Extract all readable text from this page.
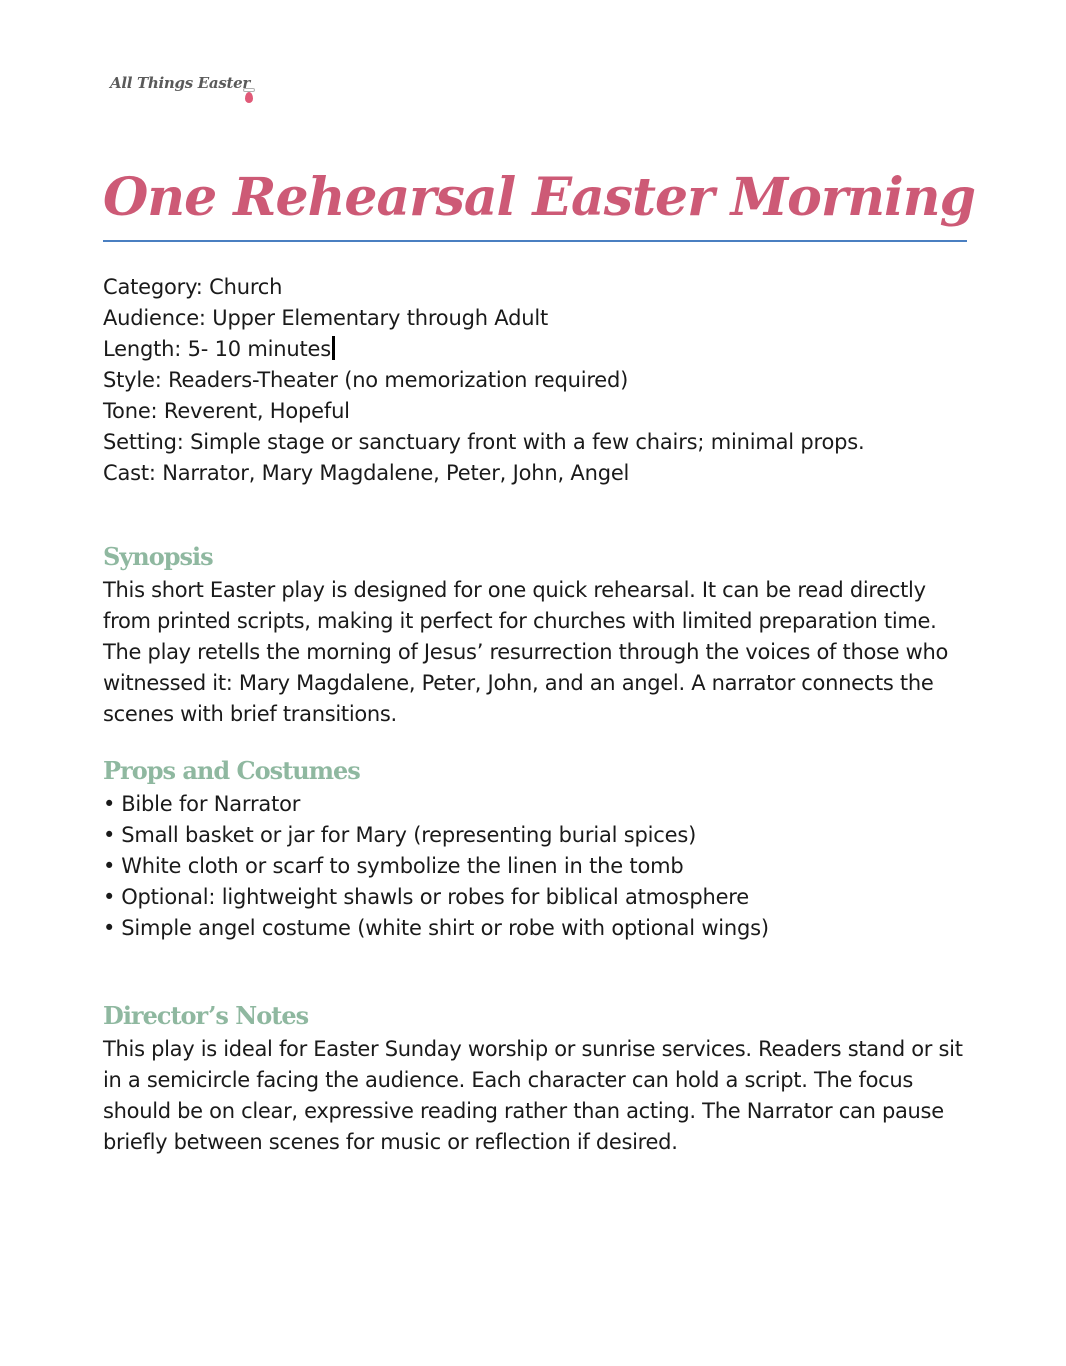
All Things Easter
One Rehearsal Easter Morning
Category: Church
Audience: Upper Elementary through Adult
Length: 5- 10 minutes
Style: Readers-Theater (no memorization required)
Tone: Reverent, Hopeful
Setting: Simple stage or sanctuary front with a few chairs; minimal props.
Cast: Narrator, Mary Magdalene, Peter, John, Angel
Synopsis

This short Easter play is designed for one quick rehearsal. It can be read directly from printed scripts, making it perfect for churches with limited preparation time. The play retells the morning of Jesus’ resurrection through the voices of those who witnessed it: Mary Magdalene, Peter, John, and an angel. A narrator connects the scenes with brief transitions.

Props and Costumes
• Bible for Narrator
• Small basket or jar for Mary (representing burial spices)
• White cloth or scarf to symbolize the linen in the tomb
• Optional: lightweight shawls or robes for biblical atmosphere
• Simple angel costume (white shirt or robe with optional wings)
Director’s Notes

This play is ideal for Easter Sunday worship or sunrise services. Readers stand or sit in a semicircle facing the audience. Each character can hold a script. The focus should be on clear, expressive reading rather than acting. The Narrator can pause briefly between scenes for music or reflection if desired.
